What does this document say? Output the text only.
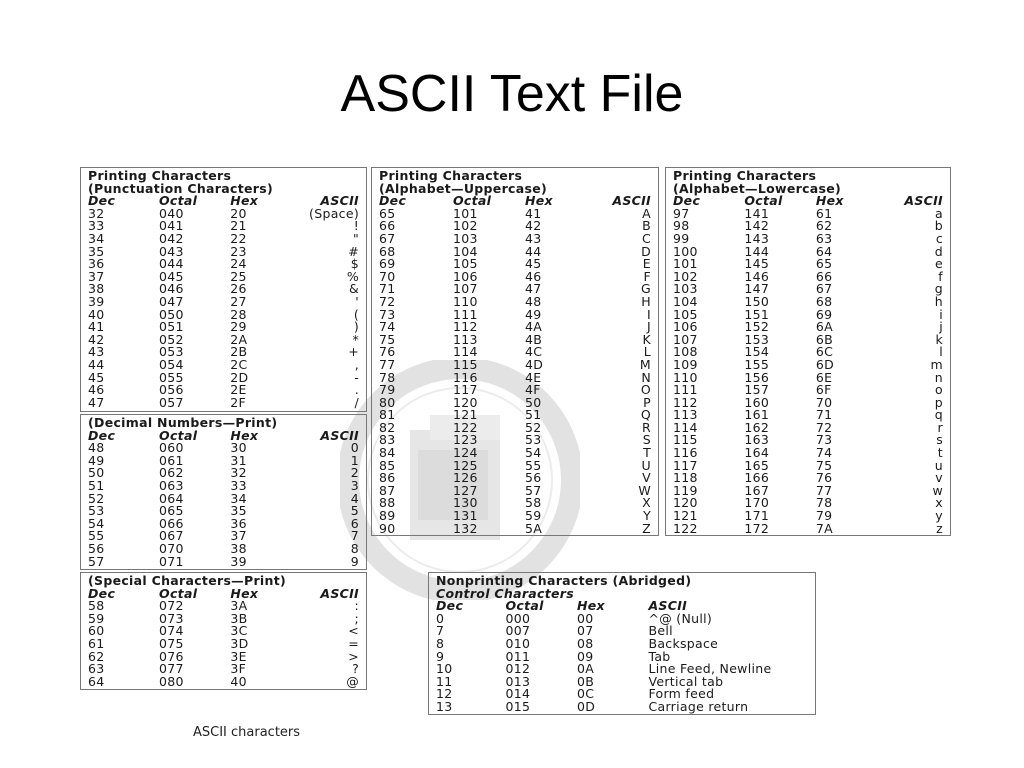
ASCII Text File
Printing Characters
(Punctuation Characters)
Dec	Octal	Hex	ASCII
32	040	20	(Space)
33	041	21	!
34	042	22	"
35	043	23	#
36	044	24	$
37	045	25	%
38	046	26	&
39	047	27	'
40	050	28	(
41	051	29	)
42	052	2A	*
43	053	2B	+
44	054	2C	,
45	055	2D	-
46	056	2E	.
47	057	2F	/
(Decimal Numbers—Print)
Dec	Octal	Hex	ASCII
48	060	30	0
49	061	31	1
50	062	32	2
51	063	33	3
52	064	34	4
53	065	35	5
54	066	36	6
55	067	37	7
56	070	38	8
57	071	39	9
(Special Characters—Print)
Dec	Octal	Hex	ASCII
58	072	3A	:
59	073	3B	;
60	074	3C	<
61	075	3D	=
62	076	3E	>
63	077	3F	?
64	080	40	@
Printing Characters
(Alphabet—Uppercase)
Dec	Octal	Hex	ASCII
65	101	41	A
66	102	42	B
67	103	43	C
68	104	44	D
69	105	45	E
70	106	46	F
71	107	47	G
72	110	48	H
73	111	49	I
74	112	4A	J
75	113	4B	K
76	114	4C	L
77	115	4D	M
78	116	4E	N
79	117	4F	O
80	120	50	P
81	121	51	Q
82	122	52	R
83	123	53	S
84	124	54	T
85	125	55	U
86	126	56	V
87	127	57	W
88	130	58	X
89	131	59	Y
90	132	5A	Z
Printing Characters
(Alphabet—Lowercase)
Dec	Octal	Hex	ASCII
97	141	61	a
98	142	62	b
99	143	63	c
100	144	64	d
101	145	65	e
102	146	66	f
103	147	67	g
104	150	68	h
105	151	69	i
106	152	6A	j
107	153	6B	k
108	154	6C	l
109	155	6D	m
110	156	6E	n
111	157	6F	o
112	160	70	p
113	161	71	q
114	162	72	r
115	163	73	s
116	164	74	t
117	165	75	u
118	166	76	v
119	167	77	w
120	170	78	x
121	171	79	y
122	172	7A	z
Nonprinting Characters (Abridged)
Control Characters
Dec	Octal	Hex	ASCII
0	000	00	^@ (Null)
7	007	07	Bell
8	010	08	Backspace
9	011	09	Tab
10	012	0A	Line Feed, Newline
11	013	0B	Vertical tab
12	014	0C	Form feed
13	015	0D	Carriage return
ASCII characters
